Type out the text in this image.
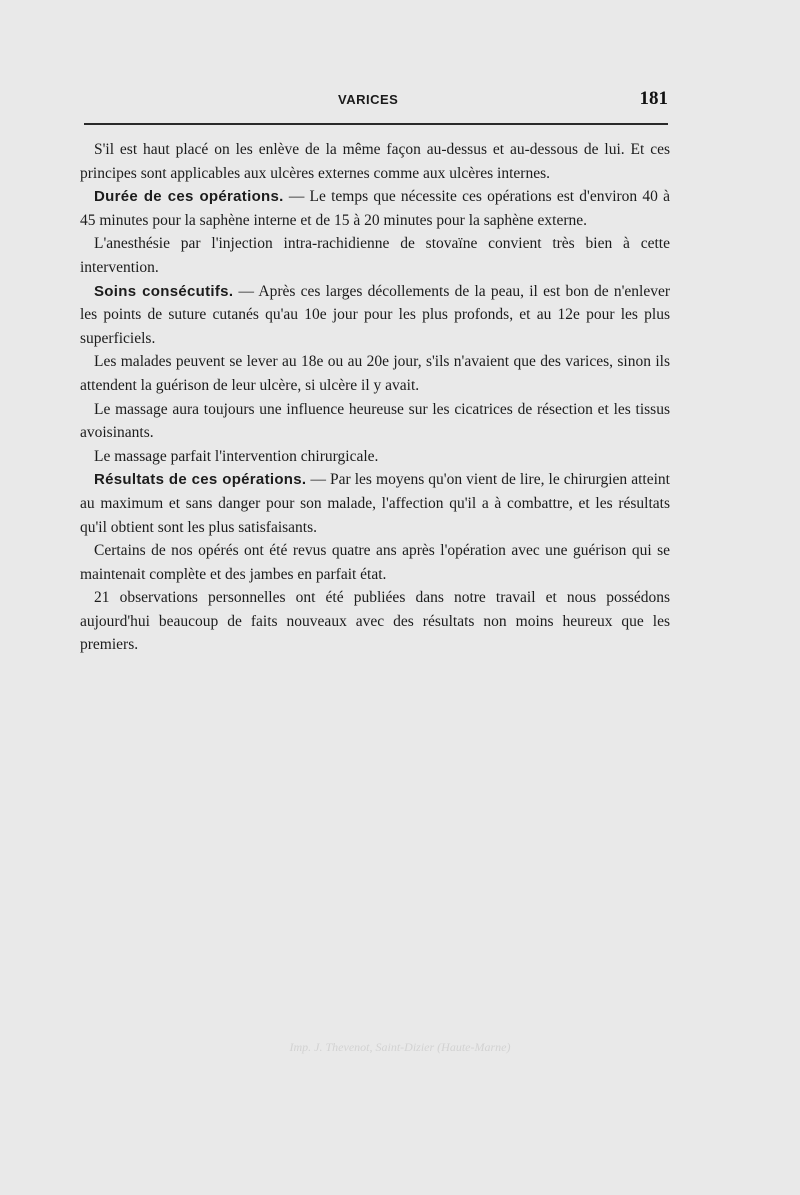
VARICES	181

S'il est haut placé on les enlève de la même façon au-dessus et au-dessous de lui. Et ces principes sont applicables aux ulcères externes comme aux ulcères internes.

Durée de ces opérations. — Le temps que nécessite ces opérations est d'environ 40 à 45 minutes pour la saphène interne et de 15 à 20 minutes pour la saphène externe.

L'anesthésie par l'injection intra-rachidienne de stovaïne convient très bien à cette intervention.

Soins consécutifs. — Après ces larges décollements de la peau, il est bon de n'enlever les points de suture cutanés qu'au 10e jour pour les plus profonds, et au 12e pour les plus superficiels.

Les malades peuvent se lever au 18e ou au 20e jour, s'ils n'avaient que des varices, sinon ils attendent la guérison de leur ulcère, si ulcère il y avait.

Le massage aura toujours une influence heureuse sur les cicatrices de résection et les tissus avoisinants.

Le massage parfait l'intervention chirurgicale.

Résultats de ces opérations. — Par les moyens qu'on vient de lire, le chirurgien atteint au maximum et sans danger pour son malade, l'affection qu'il a à combattre, et les résultats qu'il obtient sont les plus satisfaisants.

Certains de nos opérés ont été revus quatre ans après l'opération avec une guérison qui se maintenait complète et des jambes en parfait état.

21 observations personnelles ont été publiées dans notre travail et nous possédons aujourd'hui beaucoup de faits nouveaux avec des résultats non moins heureux que les premiers.

Imp. J. Thevenot, Saint-Dizier (Haute-Marne)
